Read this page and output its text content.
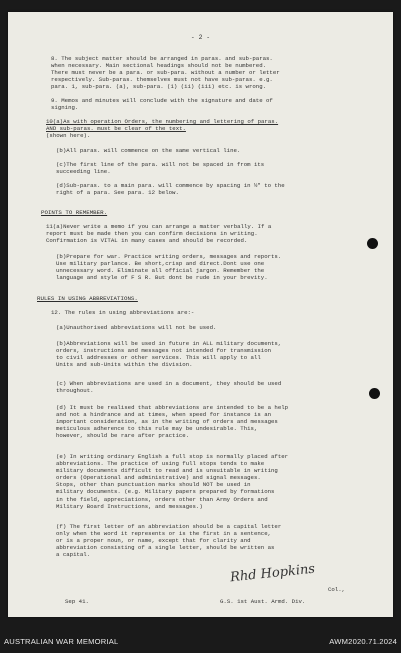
- 2 -
8. The subject matter should be arranged in paras. and sub-paras.
when necessary. Main sectional headings should not be numbered.
There must never be a para. or sub-para. without a number or letter
respectively. Sub-paras. themselves must not have sub-paras. e.g.
para. 1, sub-para. (a), sub-para. (1) (ii) (iii) etc. is wrong.
9. Memos and minutes will conclude with the signature and date of
signing.
10(a)As with operation Orders, the numbering and lettering of paras.
AND sub-paras. must be clear of the text.
(shown here).
(b)All paras. will commence on the same vertical line.
(c)The first line of the para. will not be spaced in from its
succeeding line.
(d)Sub-paras. to a main para. will commence by spacing in ½" to the
right of a para. See para. 12 below.
POINTS TO REMEMBER.
11(a)Never write a memo if you can arrange a matter verbally. If a
report must be made then you can confirm decisions in writing.
Confirmation is VITAL in many cases and should be recorded.
(b)Prepare for war. Practice writing orders, messages and reports.
Use military parlance. Be short,crisp and direct.Dont use one
unnecessary word. Eliminate all official jargon. Remember the
language and style of F S R. But dont be rude in your brevity.
RULES IN USING ABBREVIATIONS.
12. The rules in using abbreviations are:-
(a)Unauthorised abbreviations will not be used.
(b)Abbreviations will be used in future in ALL military documents,
orders, instructions and messages not intended for transmission
to civil addresses or other services. This will apply to all
Units and sub-Units within the division.
(c) When abbreviations are used in a document, they should be used
throughout.
(d) It must be realised that abbreviations are intended to be a help
and not a hindrance and at times, when speed for instance is an
important consideration, as in the writing of orders and messages
meticulous adherence to this rule may be undesirable. This,
however, should be rare after practice.
(e) In writing ordinary English a full stop is normally placed after
abbreviations. The practice of using full stops tends to make
military documents difficult to read and is unsuitable in writing
orders (Operational and administrative) and signal messages.
Stops, other than punctuation marks should NOT be used in
military documents. (e.g. Military papers prepared by formations
in the field, appreciations, orders other than Army Orders and
Military Board Instructions, and messages.)
(f) The first letter of an abbreviation should be a capital letter
only when the word it represents or is the first in a sentence,
or is a proper noun, or name, except that for clarity and
abbreviation consisting of a single letter, should be written as
a capital.
Rhd Hopkins
Col.,
G.S. 1st Aust. Armd. Div.
Sep 41.
AUSTRALIAN WAR MEMORIAL	AWM2020.71.2024
